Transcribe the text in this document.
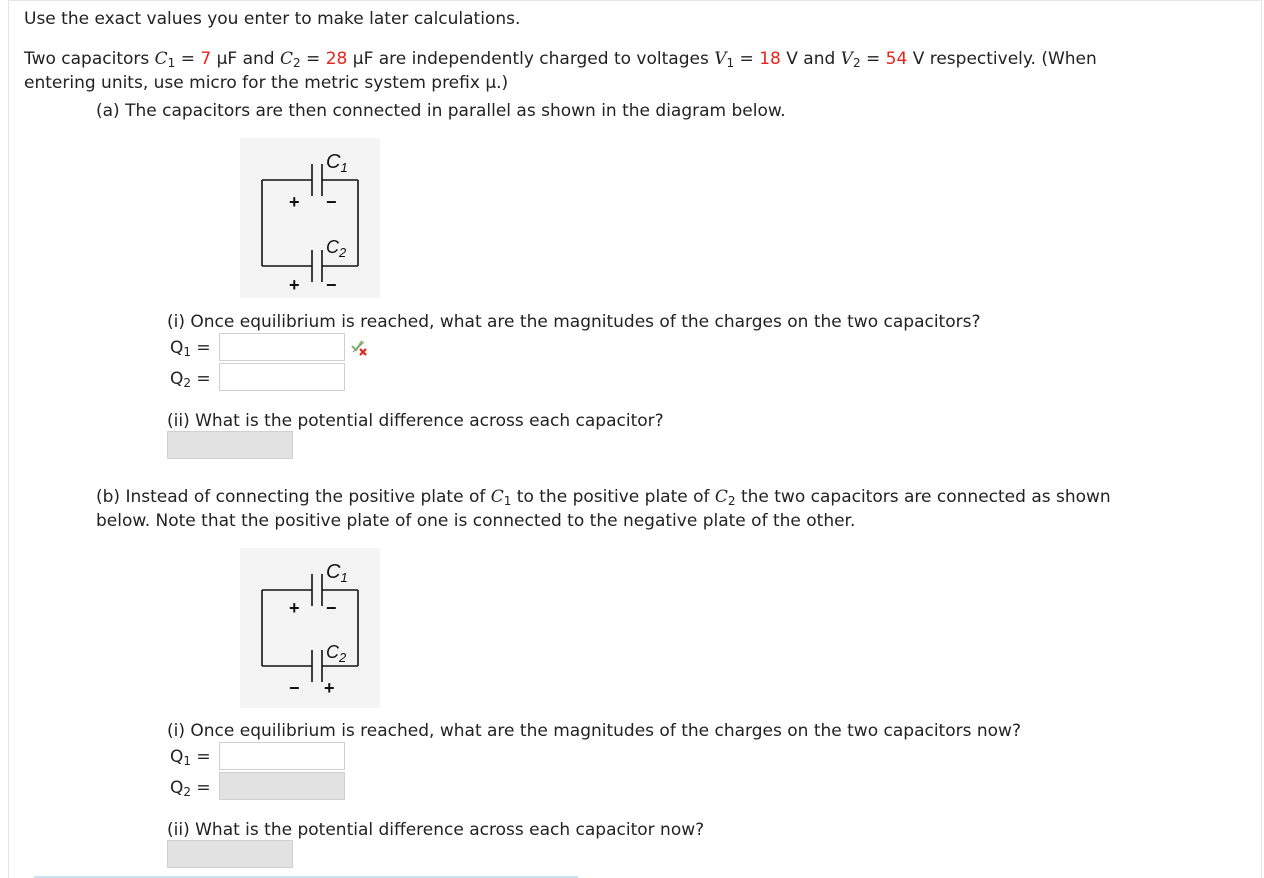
Use the exact values you enter to make later calculations.
Two capacitors $C_1 = 7$ μF and $C_2 = 28$ μF are independently charged to voltages $V_1 = 18$ V and $V_2 = 54$ V respectively. (When
entering units, use micro for the metric system prefix μ.)
(a) The capacitors are then connected in parallel as shown in the diagram below.
$C_1$
$C_2$
+ −
+ −
(i) Once equilibrium is reached, what are the magnitudes of the charges on the two capacitors?
$Q_1$ =
$Q_2$ =
(ii) What is the potential difference across each capacitor?
(b) Instead of connecting the positive plate of $C_1$ to the positive plate of $C_2$ the two capacitors are connected as shown
below. Note that the positive plate of one is connected to the negative plate of the other.
$C_1$
$C_2$
+ −
− +
(i) Once equilibrium is reached, what are the magnitudes of the charges on the two capacitors now?
$Q_1$ =
$Q_2$ =
(ii) What is the potential difference across each capacitor now?
